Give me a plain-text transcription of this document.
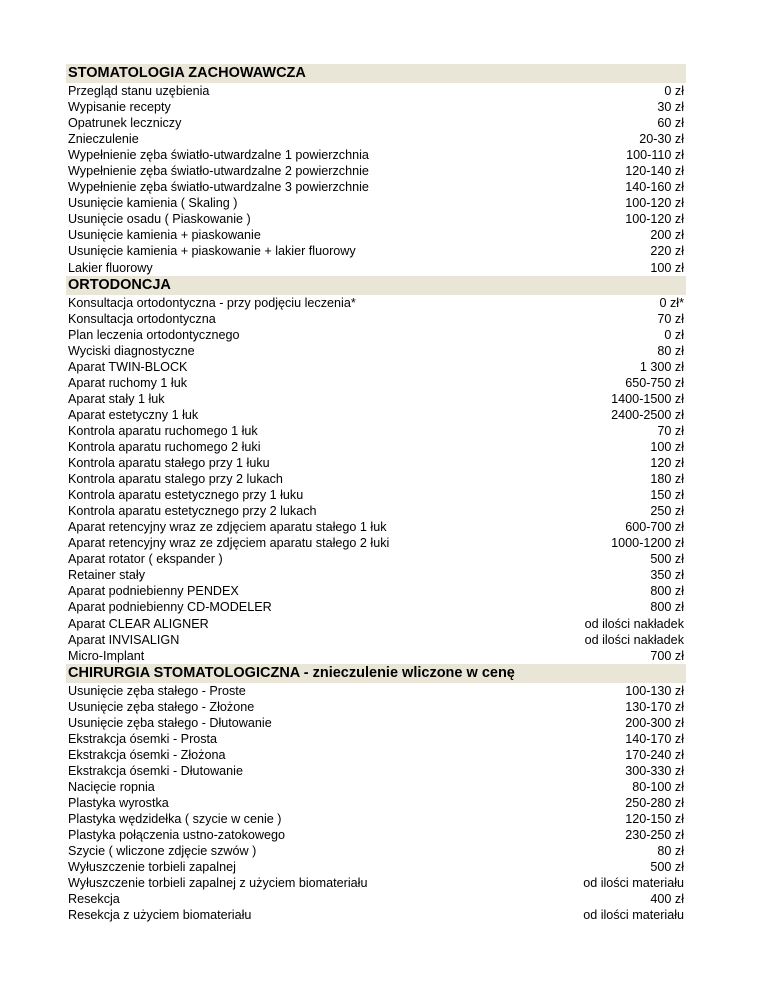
STOMATOLOGIA ZACHOWAWCZA
Przegląd stanu uzębienia	0 zł
Wypisanie recepty	30 zł
Opatrunek leczniczy	60 zł
Znieczulenie	20-30 zł
Wypełnienie zęba światło-utwardzalne 1 powierzchnia	100-110 zł
Wypełnienie zęba światło-utwardzalne 2 powierzchnie	120-140 zł
Wypełnienie zęba światło-utwardzalne 3 powierzchnie	140-160 zł
Usunięcie kamienia ( Skaling )	100-120 zł
Usunięcie osadu ( Piaskowanie )	100-120 zł
Usunięcie kamienia + piaskowanie	200 zł
Usunięcie kamienia + piaskowanie + lakier fluorowy	220 zł
Lakier fluorowy	100 zł
ORTODONCJA
Konsultacja ortodontyczna - przy podjęciu leczenia*	0 zł*
Konsultacja ortodontyczna	70 zł
Plan leczenia ortodontycznego	0 zł
Wyciski diagnostyczne	80 zł
Aparat TWIN-BLOCK	1 300 zł
Aparat ruchomy 1 łuk	650-750 zł
Aparat stały 1 łuk	1400-1500 zł
Aparat estetyczny 1 łuk	2400-2500 zł
Kontrola aparatu ruchomego 1 łuk	70 zł
Kontrola aparatu ruchomego 2 łuki	100 zł
Kontrola aparatu stałego przy 1 łuku	120 zł
Kontrola aparatu stalego przy 2 lukach	180 zł
Kontrola aparatu estetycznego przy 1 łuku	150 zł
Kontrola aparatu estetycznego przy 2 lukach	250 zł
Aparat retencyjny wraz ze zdjęciem aparatu stałego 1 łuk	600-700 zł
Aparat retencyjny wraz ze zdjęciem aparatu stałego 2 łuki	1000-1200 zł
Aparat rotator ( ekspander )	500 zł
Retainer stały	350 zł
Aparat podniebienny PENDEX	800 zł
Aparat podniebienny CD-MODELER	800 zł
Aparat CLEAR ALIGNER	od ilości nakładek
Aparat INVISALIGN	od ilości nakładek
Micro-Implant	700 zł
CHIRURGIA STOMATOLOGICZNA - znieczulenie wliczone w cenę
Usunięcie zęba stałego - Proste	100-130 zł
Usunięcie zęba stałego - Złożone	130-170 zł
Usunięcie zęba stałego - Dłutowanie	200-300 zł
Ekstrakcja ósemki - Prosta	140-170 zł
Ekstrakcja ósemki - Złożona	170-240 zł
Ekstrakcja ósemki - Dłutowanie	300-330 zł
Nacięcie ropnia	80-100 zł
Plastyka wyrostka	250-280 zł
Plastyka wędzidełka ( szycie w cenie )	120-150 zł
Plastyka połączenia ustno-zatokowego	230-250 zł
Szycie ( wliczone zdjęcie szwów )	80 zł
Wyłuszczenie torbieli zapalnej	500 zł
Wyłuszczenie torbieli zapalnej z użyciem biomateriału	od ilości materiału
Resekcja	400 zł
Resekcja z użyciem biomateriału	od ilości materiału
